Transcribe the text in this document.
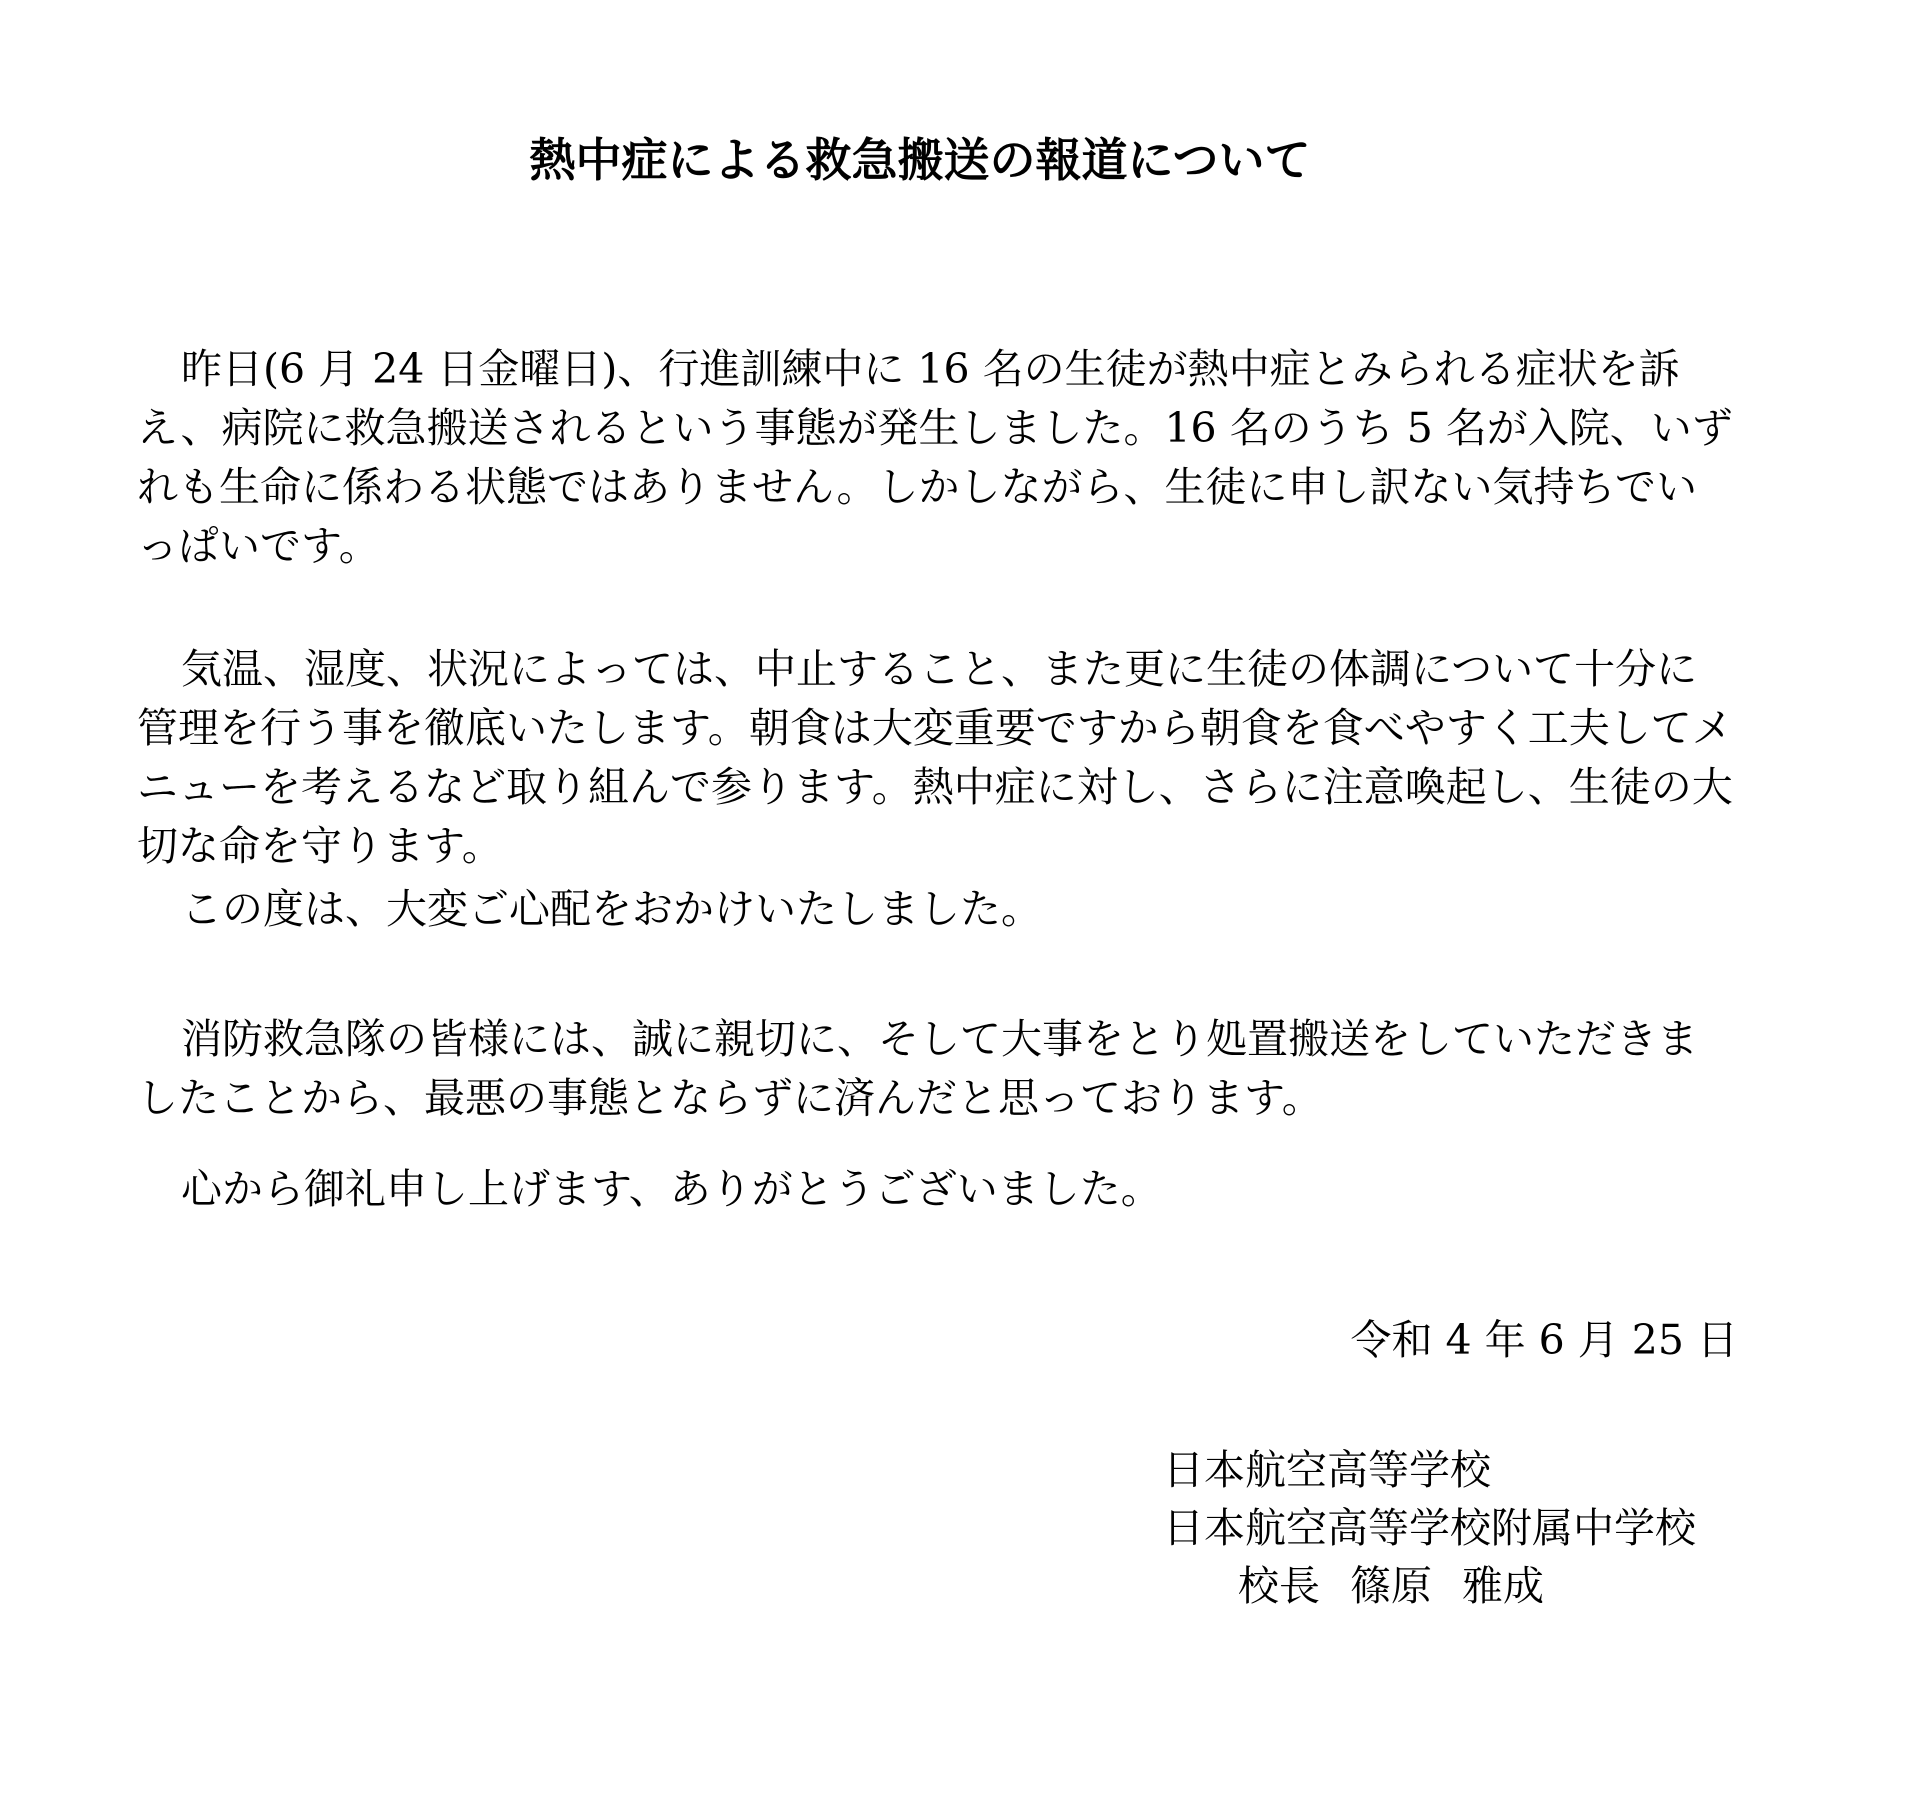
熱中症による救急搬送の報道について

昨日(6 月 24 日金曜日)、行進訓練中に 16 名の生徒が熱中症とみられる症状を訴え、病院に救急搬送されるという事態が発生しました。16 名のうち 5 名が入院、いずれも生命に係わる状態ではありません。しかしながら、生徒に申し訳ない気持ちでいっぱいです。

気温、湿度、状況によっては、中止すること、また更に生徒の体調について十分に管理を行う事を徹底いたします。朝食は大変重要ですから朝食を食べやすく工夫してメニューを考えるなど取り組んで参ります。熱中症に対し、さらに注意喚起し、生徒の大切な命を守ります。

この度は、大変ご心配をおかけいたしました。

消防救急隊の皆様には、誠に親切に、そして大事をとり処置搬送をしていただきましたことから、最悪の事態とならずに済んだと思っております。

心から御礼申し上げます、ありがとうございました。

令和 4 年 6 月 25 日
日本航空高等学校
日本航空高等学校附属中学校
校長 篠原 雅成
